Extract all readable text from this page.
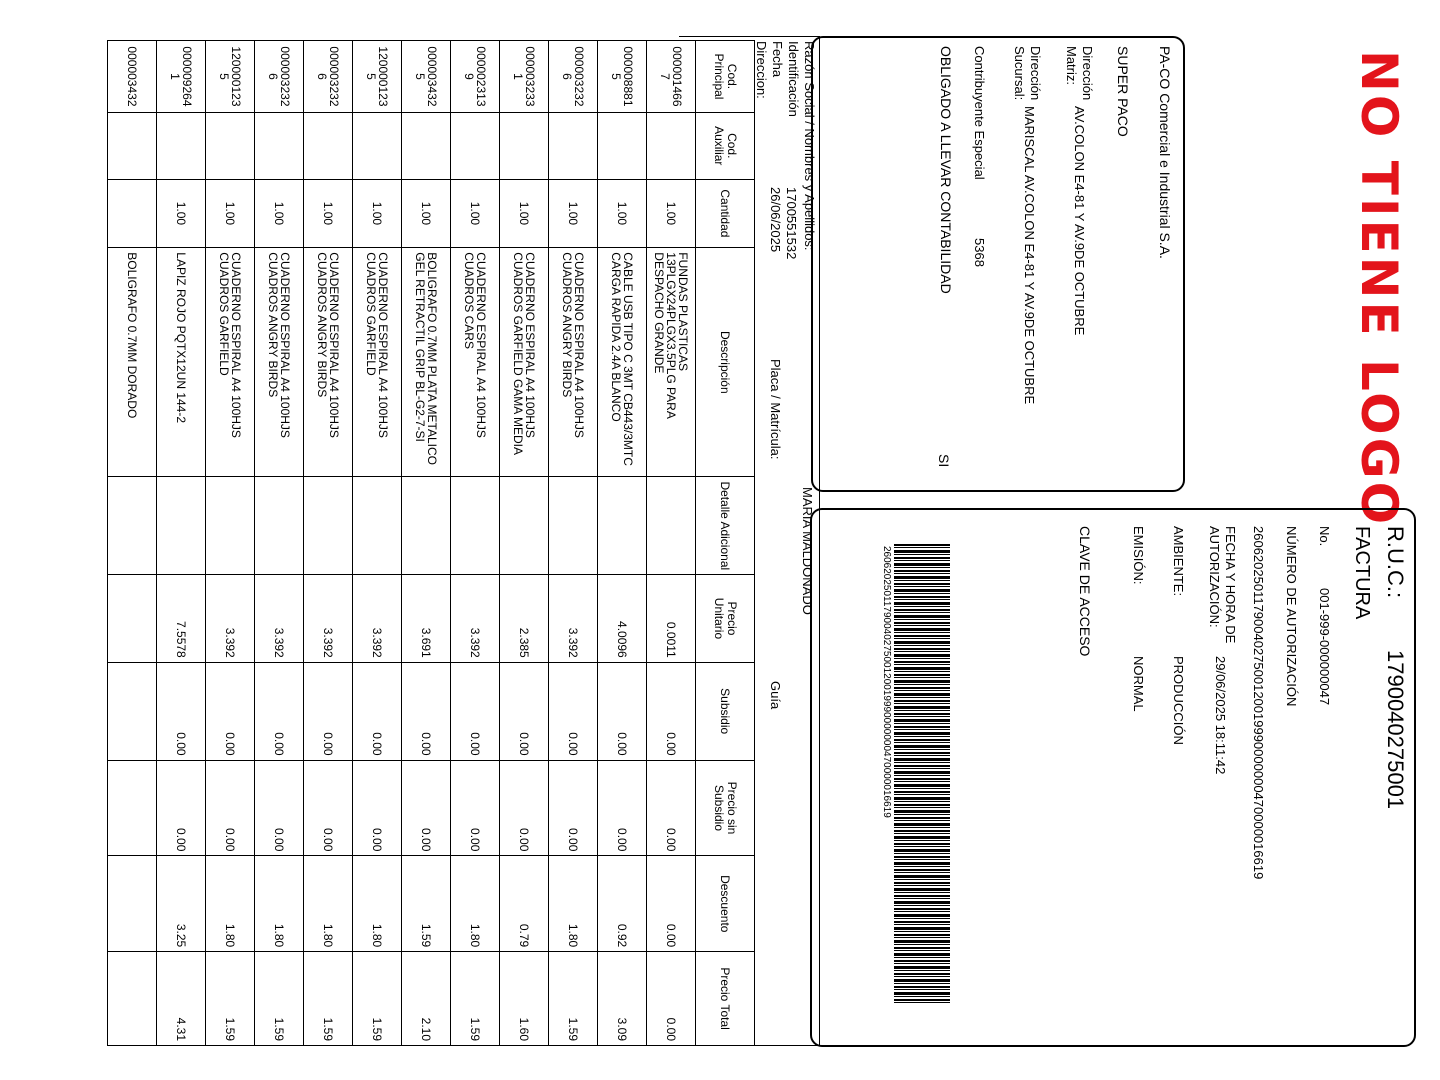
NO TIENE LOGO
PA-CO Comercial e Industrial S.A.
SUPER PACO
Dirección Matriz:
AV.COLON E4-81 Y AV.9DE OCTUBRE
Dirección Sucursal:
MARISCAL AV.COLON E4-81 Y AV.9DE OCTUBRE
Contribuyente Especial
5368
OBLIGADO A LLEVAR CONTABILIDAD
SI
R.U.C.:
1790040275001
FACTURA
No.
001-999-000000047
NÚMERO DE AUTORIZACIÓN
2606202501179004027500120019990000000470000016619
FECHA Y HORA DE AUTORIZACIÓN:
29/06/2025 18:11:42
AMBIENTE:
PRODUCCIÓN
EMISIÓN:
NORMAL
CLAVE DE ACCESO
2606202501179004027500120019990000000470000016619
Razón Social / Nombres y Apellidos:
MARIA MALDONADO
Identificación
1700551532
Fecha
26/06/2025
Placa / Matrícula:
Guía
Direccion:
Cod. Principal	Cod. Auxiliar	Cantidad	Descripción	Detalle Adicional	Precio Unitario	Subsidio	Precio sin Subsidio	Descuento	Precio Total
000001466 7		1.00	FUNDAS PLASTICAS 13PLGX24PLGX3.5PLG PARA DESPACHO GRANDE		0.0011	0.00	0.00	0.00	0.00
000008881 5		1.00	CABLE USB TIPO C 3MT CB443/3MTC CARGA RAPIDA 2.4A BLANCO		4.0096	0.00	0.00	0.92	3.09
000003232 6		1.00	CUADERNO ESPIRAL A4 100HJS CUADROS ANGRY BIRDS		3.392	0.00	0.00	1.80	1.59
000003233 1		1.00	CUADERNO ESPIRAL A4 100HJS CUADROS GARFIELD GAMA MEDIA		2.385	0.00	0.00	0.79	1.60
000002313 9		1.00	CUADERNO ESPIRAL A4 100HJS CUADROS CARS		3.392	0.00	0.00	1.80	1.59
000003432 5		1.00	BOLIGRAFO 0.7MM PLATA METALICO GEL RETRACTIL GRIP BL-G2-7-SI		3.691	0.00	0.00	1.59	2.10
120000123 5		1.00	CUADERNO ESPIRAL A4 100HJS CUADROS GARFIELD		3.392	0.00	0.00	1.80	1.59
000003232 6		1.00	CUADERNO ESPIRAL A4 100HJS CUADROS ANGRY BIRDS		3.392	0.00	0.00	1.80	1.59
000003232 6		1.00	CUADERNO ESPIRAL A4 100HJS CUADROS ANGRY BIRDS		3.392	0.00	0.00	1.80	1.59
120000123 5		1.00	CUADERNO ESPIRAL A4 100HJS CUADROS GARFIELD		3.392	0.00	0.00	1.80	1.59
000009264 1		1.00	LAPIZ ROJO PQTX12UN 144-2		7.5578	0.00	0.00	3.25	4.31
000003432			BOLIGRAFO 0.7MM DORADO						
